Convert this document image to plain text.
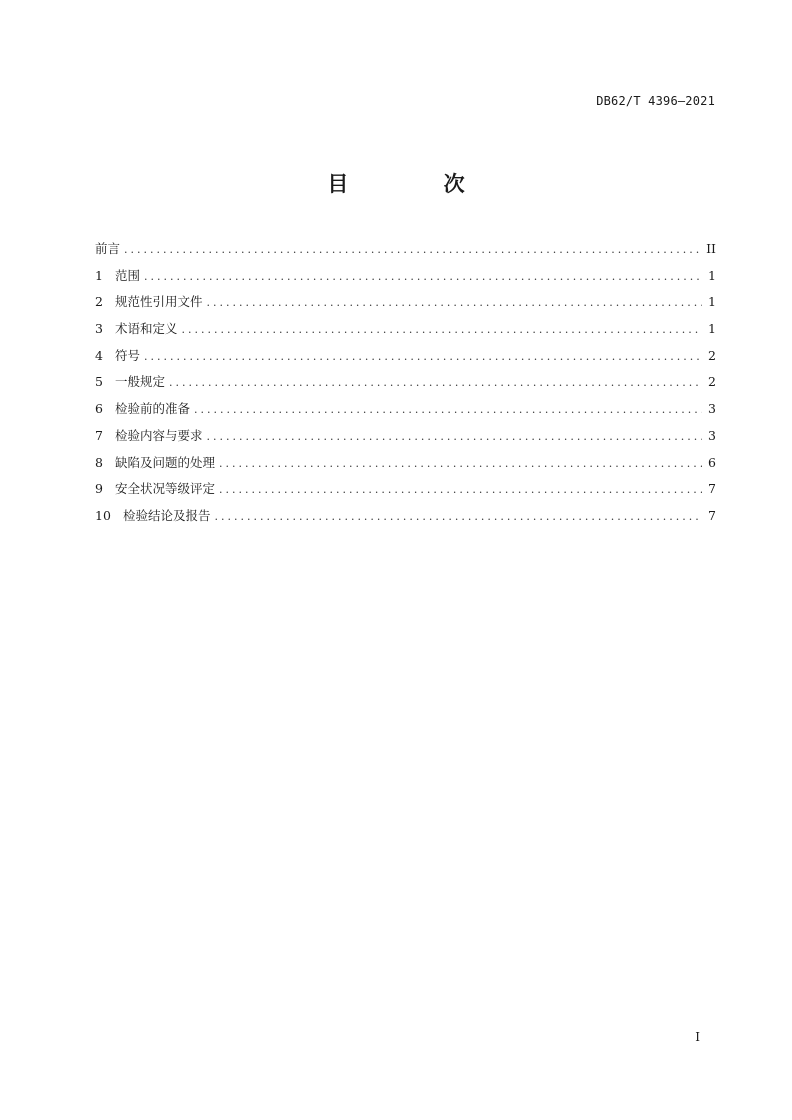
DB62/T 4396—2021
目 次
前言 .....	II
1 范围 .....	1
2 规范性引用文件 .....	1
3 术语和定义 .....	1
4 符号 .....	2
5 一般规定 .....	2
6 检验前的准备 .....	3
7 检验内容与要求 .....	3
8 缺陷及问题的处理 .....	6
9 安全状况等级评定 .....	7
10 检验结论及报告 .....	7
I
